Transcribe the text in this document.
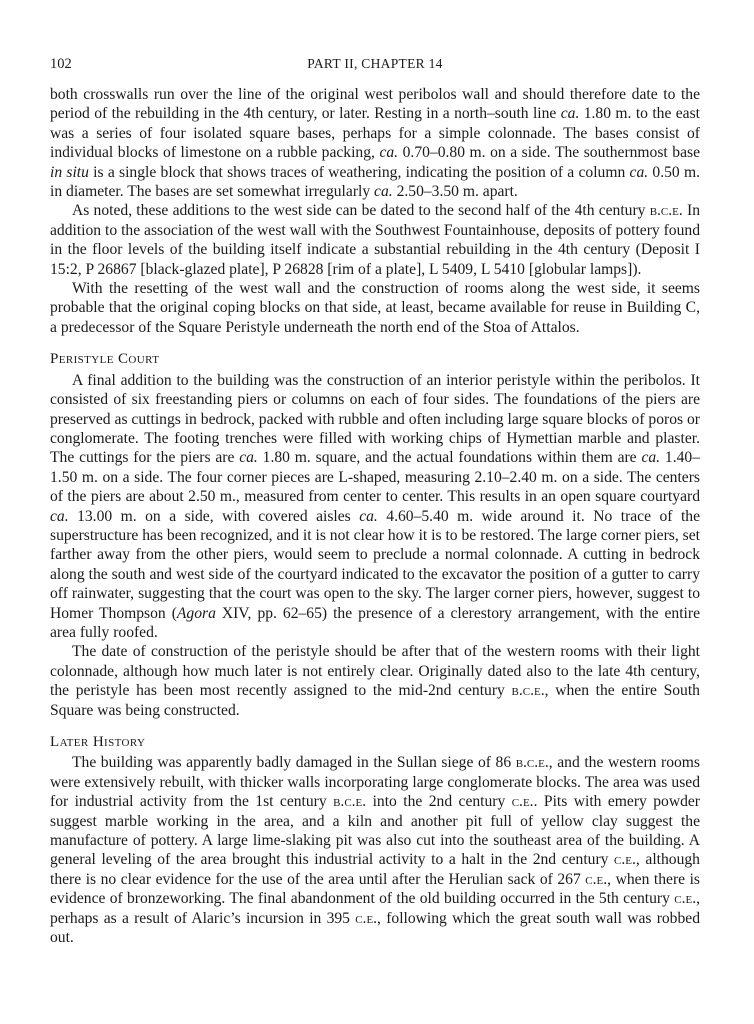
102	PART II, CHAPTER 14

both crosswalls run over the line of the original west peribolos wall and should therefore date to the period of the rebuilding in the 4th century, or later. Resting in a north–south line ca. 1.80 m. to the east was a series of four isolated square bases, perhaps for a simple colonnade. The bases consist of individual blocks of limestone on a rubble packing, ca. 0.70–0.80 m. on a side. The southernmost base in situ is a single block that shows traces of weathering, indicating the position of a column ca. 0.50 m. in diameter. The bases are set somewhat irregularly ca. 2.50–3.50 m. apart.

As noted, these additions to the west side can be dated to the second half of the 4th century b.c.e. In addition to the association of the west wall with the Southwest Fountainhouse, deposits of pottery found in the floor levels of the building itself indicate a substantial rebuilding in the 4th century (Deposit I 15:2, P 26867 [black-glazed plate], P 26828 [rim of a plate], L 5409, L 5410 [globular lamps]).

With the resetting of the west wall and the construction of rooms along the west side, it seems probable that the original coping blocks on that side, at least, became available for reuse in Building C, a predecessor of the Square Peristyle underneath the north end of the Stoa of Attalos.

Peristyle Court

A final addition to the building was the construction of an interior peristyle within the peribolos. It consisted of six freestanding piers or columns on each of four sides. The foundations of the piers are preserved as cuttings in bedrock, packed with rubble and often including large square blocks of poros or conglomerate. The footing trenches were filled with working chips of Hymettian marble and plaster. The cuttings for the piers are ca. 1.80 m. square, and the actual foundations within them are ca. 1.40–1.50 m. on a side. The four corner pieces are L-shaped, measuring 2.10–2.40 m. on a side. The centers of the piers are about 2.50 m., measured from center to center. This results in an open square courtyard ca. 13.00 m. on a side, with covered aisles ca. 4.60–5.40 m. wide around it. No trace of the superstructure has been recognized, and it is not clear how it is to be restored. The large corner piers, set farther away from the other piers, would seem to preclude a normal colonnade. A cutting in bedrock along the south and west side of the courtyard indicated to the excavator the position of a gutter to carry off rainwater, suggesting that the court was open to the sky. The larger corner piers, however, suggest to Homer Thompson (Agora XIV, pp. 62–65) the presence of a clerestory arrangement, with the entire area fully roofed.

The date of construction of the peristyle should be after that of the western rooms with their light colonnade, although how much later is not entirely clear. Originally dated also to the late 4th century, the peristyle has been most recently assigned to the mid-2nd century b.c.e., when the entire South Square was being constructed.

Later History

The building was apparently badly damaged in the Sullan siege of 86 b.c.e., and the western rooms were extensively rebuilt, with thicker walls incorporating large conglomerate blocks. The area was used for industrial activity from the 1st century b.c.e. into the 2nd century c.e.. Pits with emery powder suggest marble working in the area, and a kiln and another pit full of yellow clay suggest the manufacture of pottery. A large lime-slaking pit was also cut into the southeast area of the building. A general leveling of the area brought this industrial activity to a halt in the 2nd century c.e., although there is no clear evidence for the use of the area until after the Herulian sack of 267 c.e., when there is evidence of bronzeworking. The final abandonment of the old building occurred in the 5th century c.e., perhaps as a result of Alaric’s incursion in 395 c.e., following which the great south wall was robbed out.
